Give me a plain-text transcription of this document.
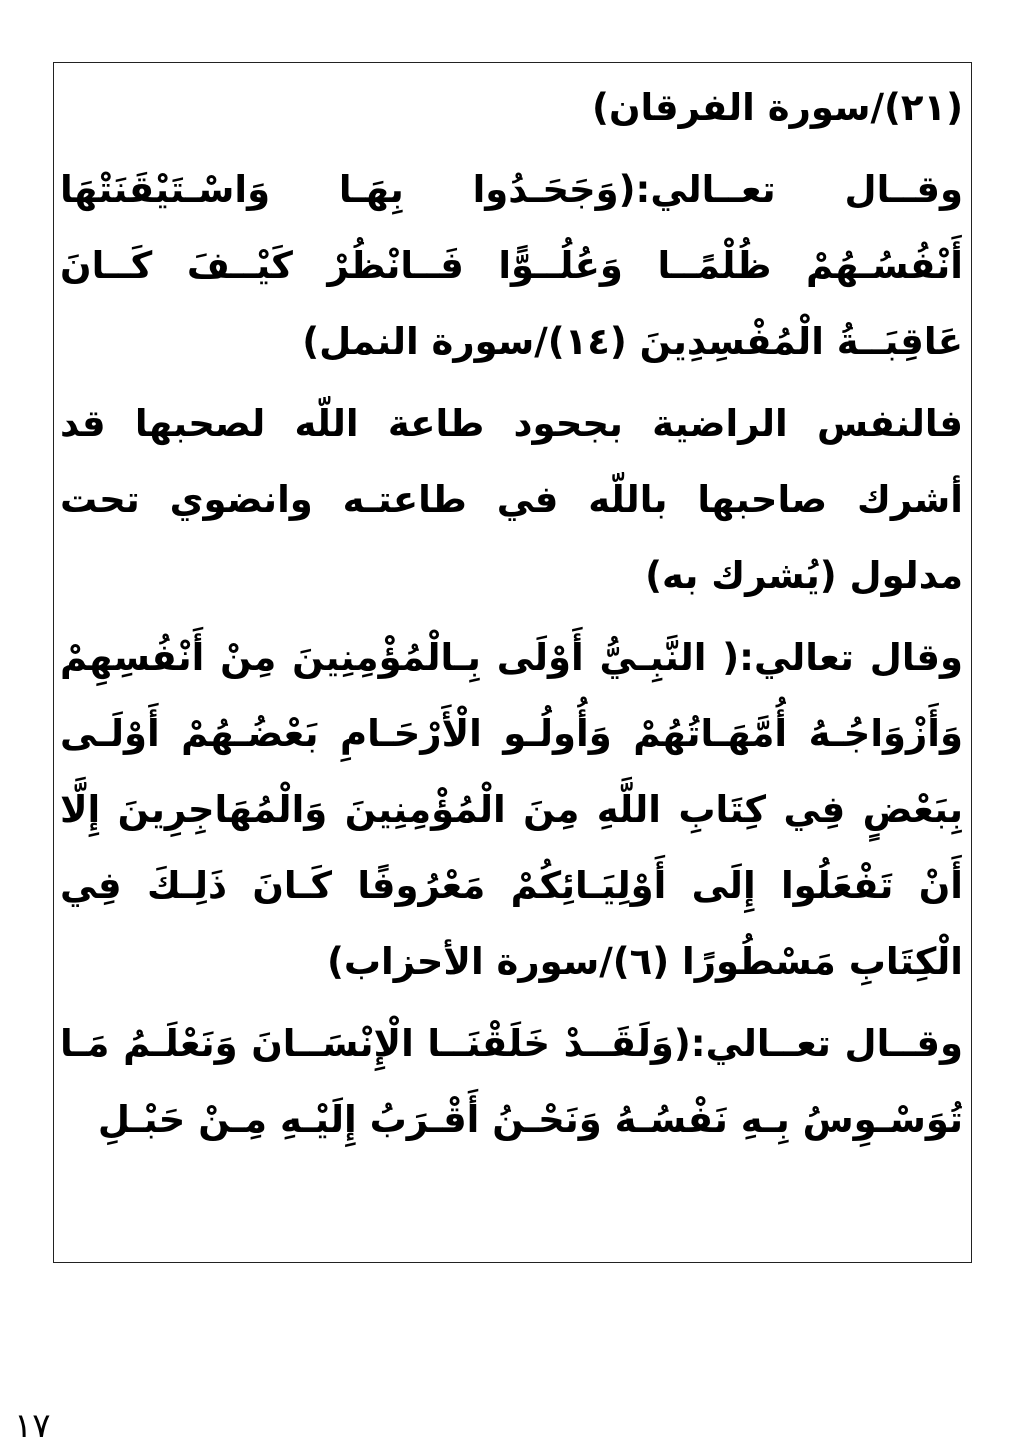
(٢١)/سورة الفرقان)

وقــال تعــالي:(وَجَحَـدُوا بِهَـا وَاسْـتَيْقَنَتْهَا أَنْفُسُـهُمْ ظُلْمًــا وَعُلُــوًّا فَــانْظُرْ كَيْــفَ كَــانَ عَاقِبَــةُ الْمُفْسِدِينَ (١٤)/سورة النمل)

فالنفس الراضية بجحود طاعة اللّه لصحبها قد أشرك صاحبها باللّه في طاعتـه وانضوي تحت مدلول (يُشرك به)

وقال تعالي:( النَّبِـيُّ أَوْلَى بِـالْمُؤْمِنِينَ مِنْ أَنْفُسِهِمْ وَأَزْوَاجُـهُ أُمَّهَـاتُهُمْ وَأُولُـو الْأَرْحَـامِ بَعْضُـهُمْ أَوْلَـى بِبَعْضٍ فِي كِتَابِ اللَّهِ مِنَ الْمُؤْمِنِينَ وَالْمُهَاجِرِينَ إِلَّا أَنْ تَفْعَلُوا إِلَى أَوْلِيَـائِكُمْ مَعْرُوفًا كَـانَ ذَلِـكَ فِي الْكِتَابِ مَسْطُورًا (٦)/سورة الأحزاب)

وقــال تعــالي:(وَلَقَــدْ خَلَقْنَــا الْإِنْسَــانَ وَنَعْلَـمُ مَـا تُوَسْـوِسُ بِـهِ نَفْسُـهُ وَنَحْـنُ أَقْـرَبُ إِلَيْـهِ مِـنْ حَبْـلِ

١٧
